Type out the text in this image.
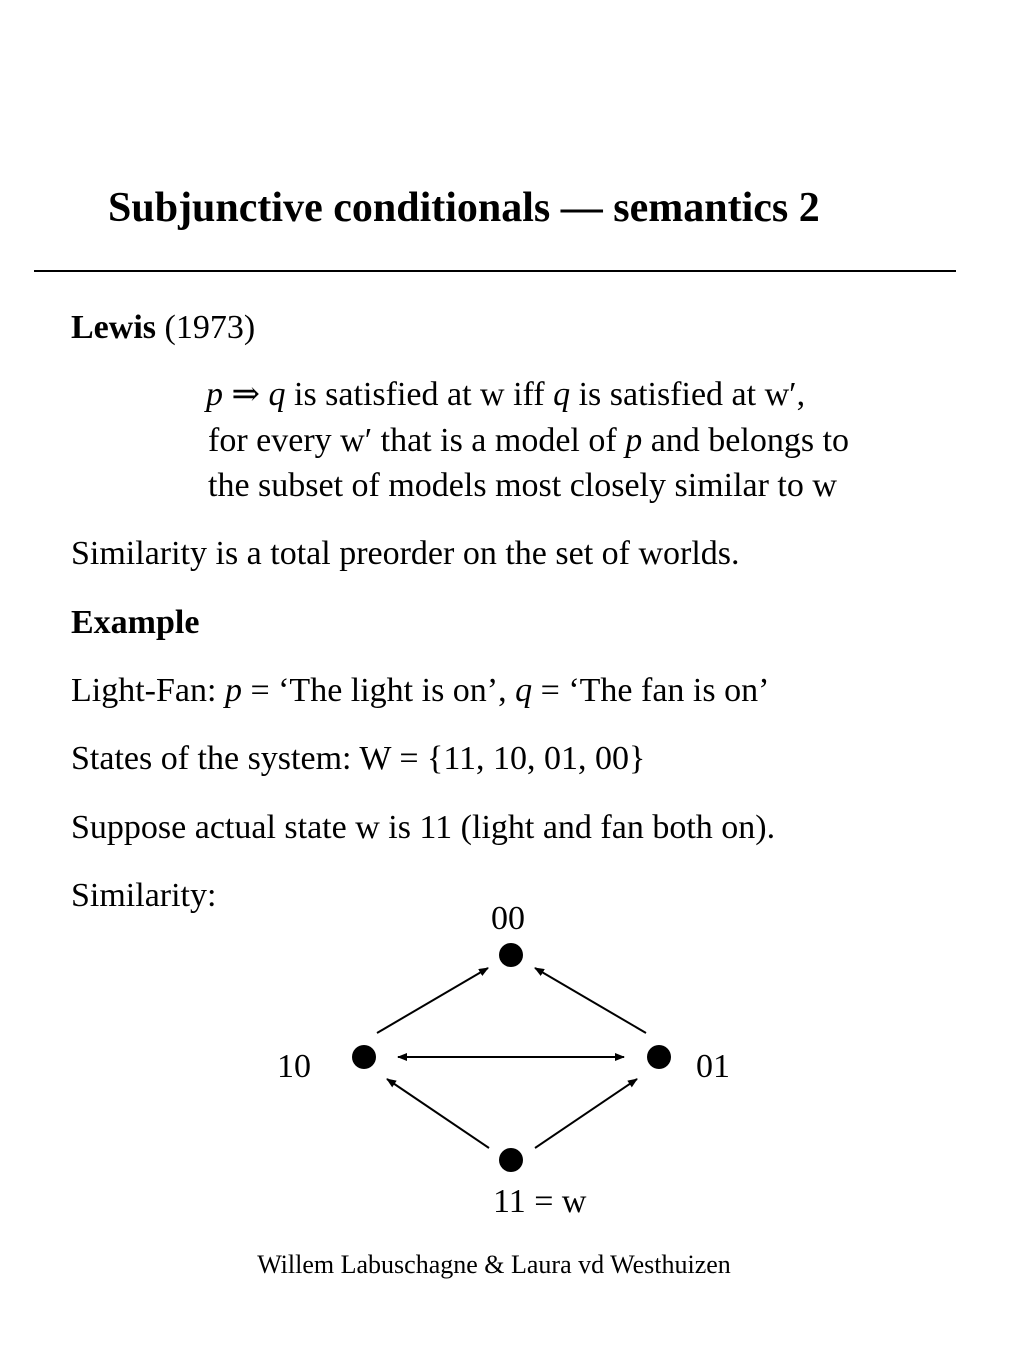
Subjunctive conditionals — semantics 2
Lewis (1973)
p ⇒ q is satisfied at w iff q is satisfied at w′,
for every w′ that is a model of p and belongs to
the subset of models most closely similar to w
Similarity is a total preorder on the set of worlds.
Example
Light-Fan: p = ‘The light is on’, q = ‘The fan is on’
States of the system: W = {11, 10, 01, 00}
Suppose actual state w is 11 (light and fan both on).
Similarity:
00
10	01
11 = w
Willem Labuschagne & Laura vd Westhuizen
